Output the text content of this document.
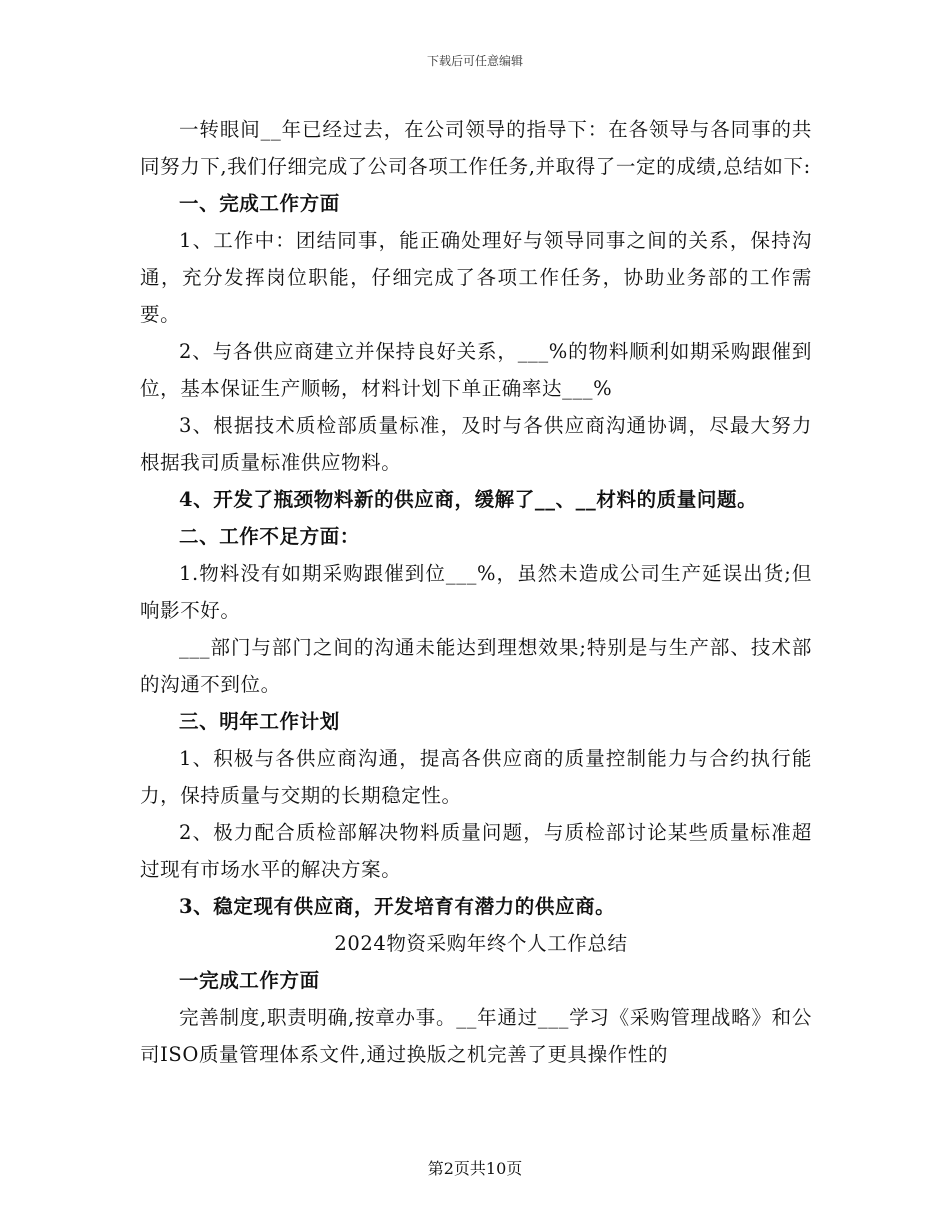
下载后可任意编辑

一转眼间__年已经过去，在公司领导的指导下：在各领导与各同事的共同努力下,我们仔细完成了公司各项工作任务,并取得了一定的成绩,总结如下:

一、完成工作方面

1、工作中：团结同事，能正确处理好与领导同事之间的关系，保持沟通，充分发挥岗位职能，仔细完成了各项工作任务，协助业务部的工作需要。

2、与各供应商建立并保持良好关系，___%的物料顺利如期采购跟催到位，基本保证生产顺畅，材料计划下单正确率达___%

3、根据技术质检部质量标准，及时与各供应商沟通协调，尽最大努力根据我司质量标准供应物料。

4、开发了瓶颈物料新的供应商，缓解了__、__材料的质量问题。

二、工作不足方面：

1.物料没有如期采购跟催到位___%，虽然未造成公司生产延误出货;但响影不好。

___部门与部门之间的沟通未能达到理想效果;特别是与生产部、技术部的沟通不到位。

三、明年工作计划

1、积极与各供应商沟通，提高各供应商的质量控制能力与合约执行能力，保持质量与交期的长期稳定性。

2、极力配合质检部解决物料质量问题，与质检部讨论某些质量标准超过现有市场水平的解决方案。

3、稳定现有供应商，开发培育有潜力的供应商。

2024物资采购年终个人工作总结

一完成工作方面

完善制度,职责明确,按章办事。__年通过___学习《采购管理战略》和公司ISO质量管理体系文件,通过换版之机完善了更具操作性的

第2页共10页
